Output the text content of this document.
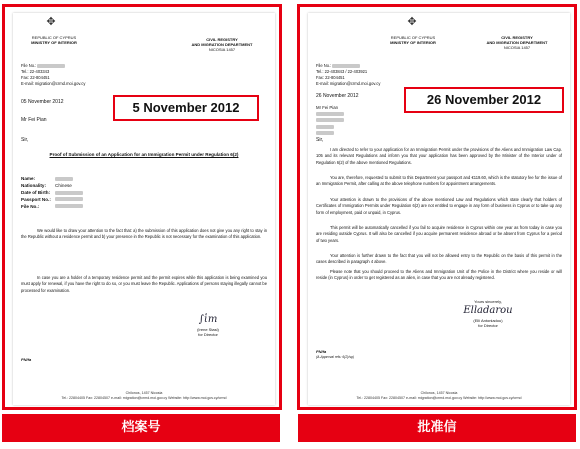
✥
REPUBLIC OF CYPRUS
MINISTRY OF INTERIOR
CIVIL REGISTRY
AND MIGRATION DEPARTMENT
NICOSIA 1457
File No.:
Tel.: 22-403343
Fax: 22-804451
E-mail: migration@crmd.moi.gov.cy
05 November 2012
Mr Fei Pian
Sir,
Proof of Submission of an Application for an Immigration Permit under Regulation 6(2)
Name:
Nationality: Chinese
Date of Birth:
Passport No.:
File No.:
We would like to draw your attention to the fact that: a) the submission of this application does not give you any right to stay in the Republic without a residence permit and b) your presence in the Republic is not necessary for the examination of this application.
In case you are a holder of a temporary residence permit and the permit expires while this application is being examined you must apply for renewal, if you have the right to do so, or you must leave the Republic. Applications of persons staying illegally cannot be processed for examination.
∫ἱm
(Irene Stasi)
for Director
PN/fa
Chilonos, 1457 Nicosia
Tel.: 22804405 Fax: 22804507 e-mail: migration@crmd.moi.gov.cy Website: http://www.moi.gov.cy/crmd
5 November 2012
✥
REPUBLIC OF CYPRUS
MINISTRY OF INTERIOR
CIVIL REGISTRY
AND MIGRATION DEPARTMENT
NICOSIA 1457
File No.:
Tel.: 22-403843 / 22-403921
Fax: 22-804451
E-mail: migration@crmd.moi.gov.cy
26 November 2012
Mr Fei Pian
Sir,
I am directed to refer to your application for an Immigration Permit under the provisions of the Aliens and Immigration Law Cap. 105 and its relevant Regulations and inform you that your application has been approved by the Minister of the Interior under of Regulation 6(2) of the above mentioned Regulations.
You are, therefore, requested to submit to this Department your passport and €119.60, which is the statutory fee for the issue of an Immigration Permit, after calling at the above telephone numbers for appointment arrangements.
Your attention is drawn to the provisions of the above mentioned Law and Regulations which state clearly that holders of Certificates of Immigration Permits under Regulation 6(2) are not entitled to engage in any form of business in Cyprus or to take up any form of employment, paid or unpaid, in Cyprus.
This permit will be automatically cancelled if you fail to acquire residence in Cyprus within one year as from today in case you are residing outside Cyprus. It will also be cancelled if you acquire permanent residence abroad or be absent from Cyprus for a period of two years.
Your attention is further drawn to the fact that you will not be allowed entry to the Republic on the basis of this permit in the cases described in paragraph 4 above.
Please note that you should proceed to the Aliens and Immigration Unit of the Police in the District where you reside or will reside (in Cyprus) in order to get registered as an alien, in case that you are not already registered.
Yours sincerely,
Elladarou
(Elli Antoniadou)
for Director
PN/fa
(A-Approval refs: 6(2)/sp)
Chilonos, 1457 Nicosia
Tel.: 22804405 Fax: 22804507 e-mail: migration@crmd.moi.gov.cy Website: http://www.moi.gov.cy/crmd
26 November 2012
档案号	批准信
